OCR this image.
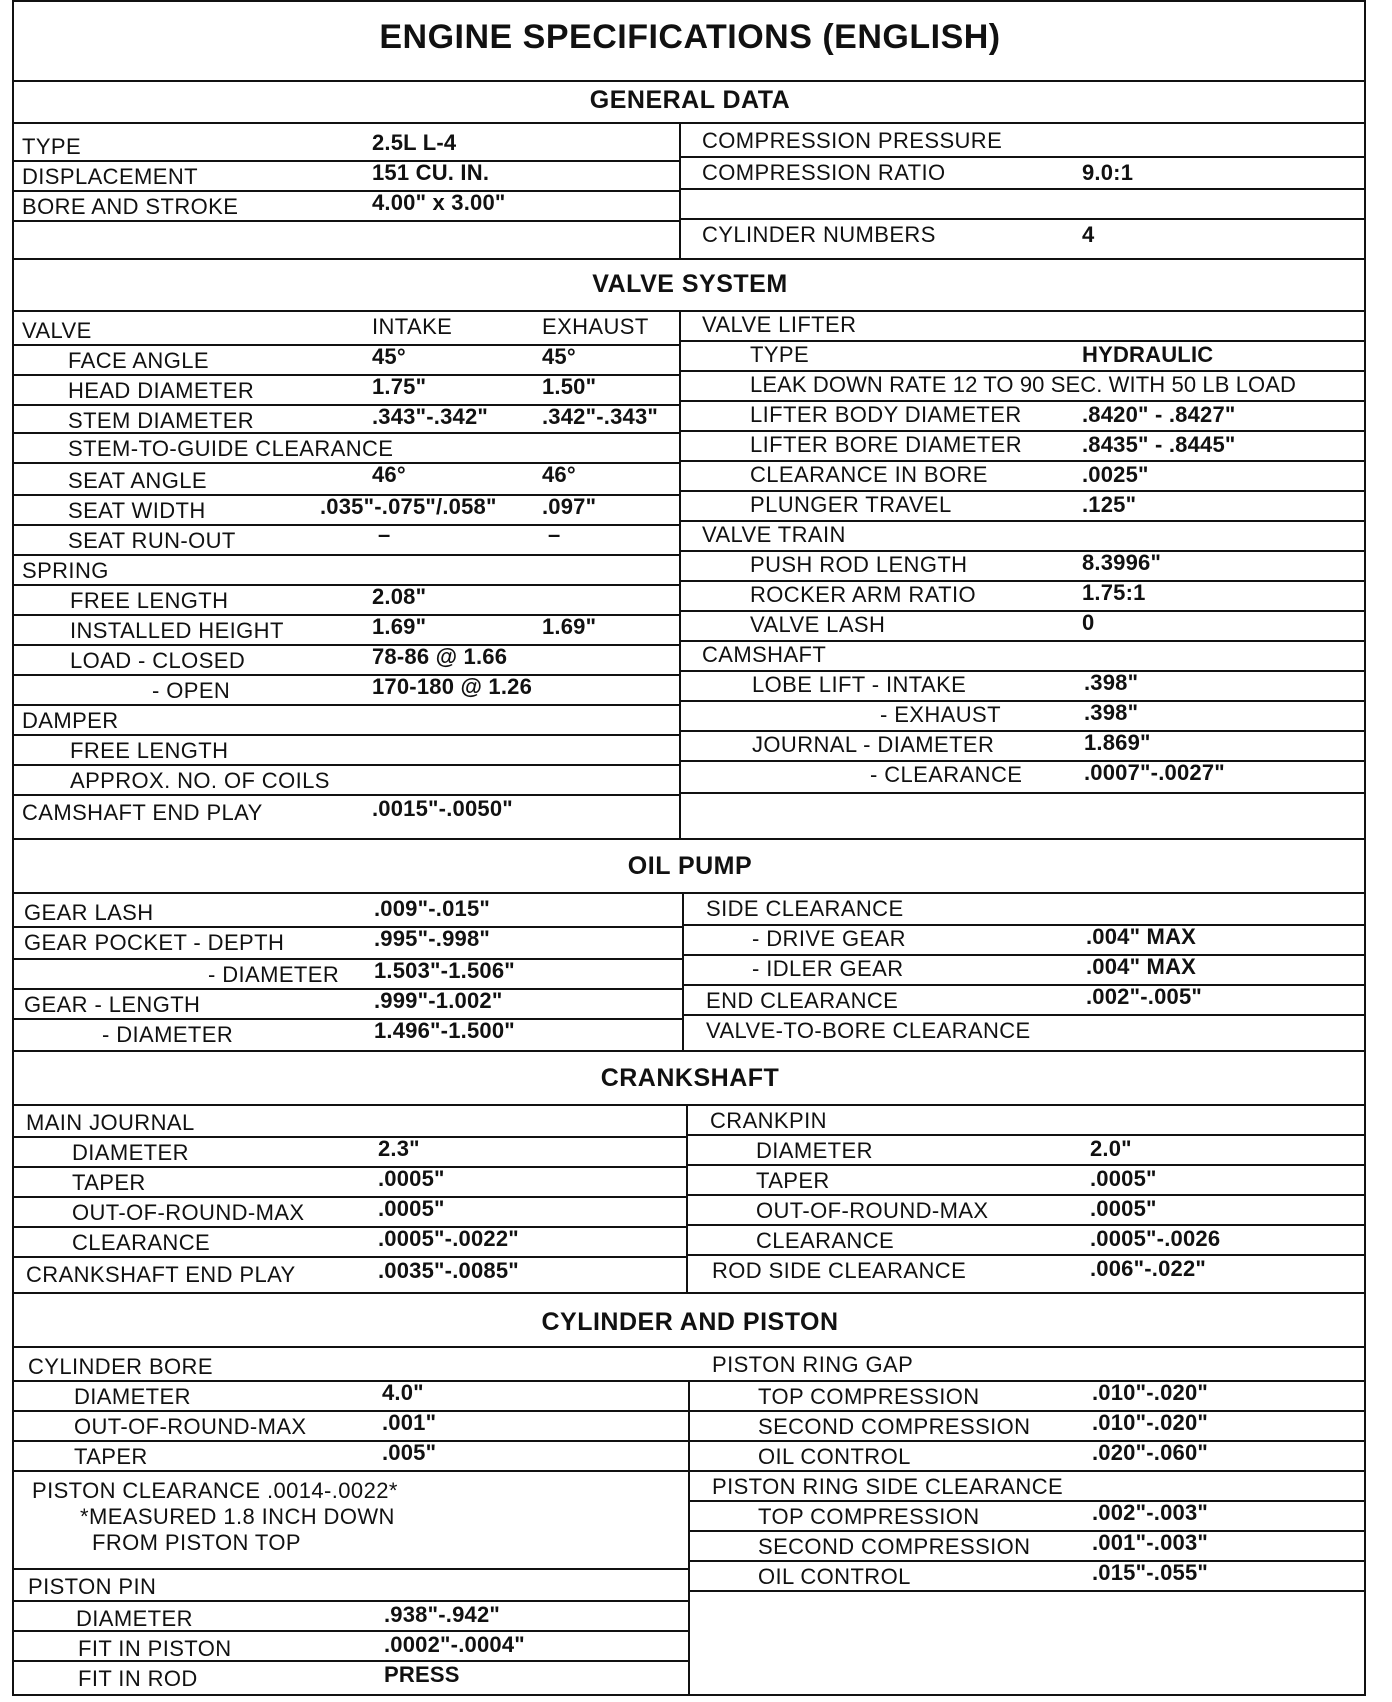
ENGINE SPECIFICATIONS (ENGLISH)
GENERAL DATA
VALVE SYSTEM
OIL PUMP
CRANKSHAFT
CYLINDER AND PISTON
TYPE	2.5L L-4
DISPLACEMENT	151 CU. IN.
BORE AND STROKE	4.00" x 3.00"
COMPRESSION PRESSURE
COMPRESSION RATIO	9.0:1
CYLINDER NUMBERS	4
VALVE	INTAKE	EXHAUST
FACE ANGLE	45°	45°
HEAD DIAMETER	1.75"	1.50"
STEM DIAMETER	.343"-.342" .342"-.343"
STEM-TO-GUIDE CLEARANCE
SEAT ANGLE	46°	46°
SEAT WIDTH	.035"-.075"/.058" .097"
SEAT RUN-OUT	–	–
SPRING
FREE LENGTH	2.08"
INSTALLED HEIGHT	1.69"	1.69"
LOAD - CLOSED	78-86 @ 1.66
- OPEN	170-180 @ 1.26
DAMPER
FREE LENGTH
APPROX. NO. OF COILS
CAMSHAFT END PLAY	.0015"-.0050"
VALVE LIFTER
TYPE	HYDRAULIC
LEAK DOWN RATE 12 TO 90 SEC. WITH 50 LB LOAD
LIFTER BODY DIAMETER	.8420" - .8427"
LIFTER BORE DIAMETER	.8435" - .8445"
CLEARANCE IN BORE	.0025"
PLUNGER TRAVEL	.125"
VALVE TRAIN
PUSH ROD LENGTH	8.3996"
ROCKER ARM RATIO	1.75:1
VALVE LASH	0
CAMSHAFT
LOBE LIFT - INTAKE	.398"
- EXHAUST	.398"
JOURNAL - DIAMETER	1.869"
- CLEARANCE	.0007"-.0027"
GEAR LASH	.009"-.015"
GEAR POCKET - DEPTH	.995"-.998"
- DIAMETER 1.503"-1.506"
GEAR - LENGTH	.999"-1.002"
- DIAMETER	1.496"-1.500"
SIDE CLEARANCE
- DRIVE GEAR	.004" MAX
- IDLER GEAR	.004" MAX
END CLEARANCE	.002"-.005"
VALVE-TO-BORE CLEARANCE
MAIN JOURNAL
DIAMETER	2.3"
TAPER	.0005"
OUT-OF-ROUND-MAX	.0005"
CLEARANCE	.0005"-.0022"
CRANKSHAFT END PLAY	.0035"-.0085"
CRANKPIN
DIAMETER	2.0"
TAPER	.0005"
OUT-OF-ROUND-MAX	.0005"
CLEARANCE	.0005"-.0026
ROD SIDE CLEARANCE	.006"-.022"
CYLINDER BORE
DIAMETER	4.0"
OUT-OF-ROUND-MAX	.001"
TAPER	.005"
PISTON CLEARANCE .0014-.0022*
*MEASURED 1.8 INCH DOWN
FROM PISTON TOP
PISTON PIN
DIAMETER	.938"-.942"
FIT IN PISTON	.0002"-.0004"
FIT IN ROD	PRESS
PISTON RING GAP
TOP COMPRESSION	.010"-.020"
SECOND COMPRESSION	.010"-.020"
OIL CONTROL	.020"-.060"
PISTON RING SIDE CLEARANCE
TOP COMPRESSION	.002"-.003"
SECOND COMPRESSION	.001"-.003"
OIL CONTROL	.015"-.055"
